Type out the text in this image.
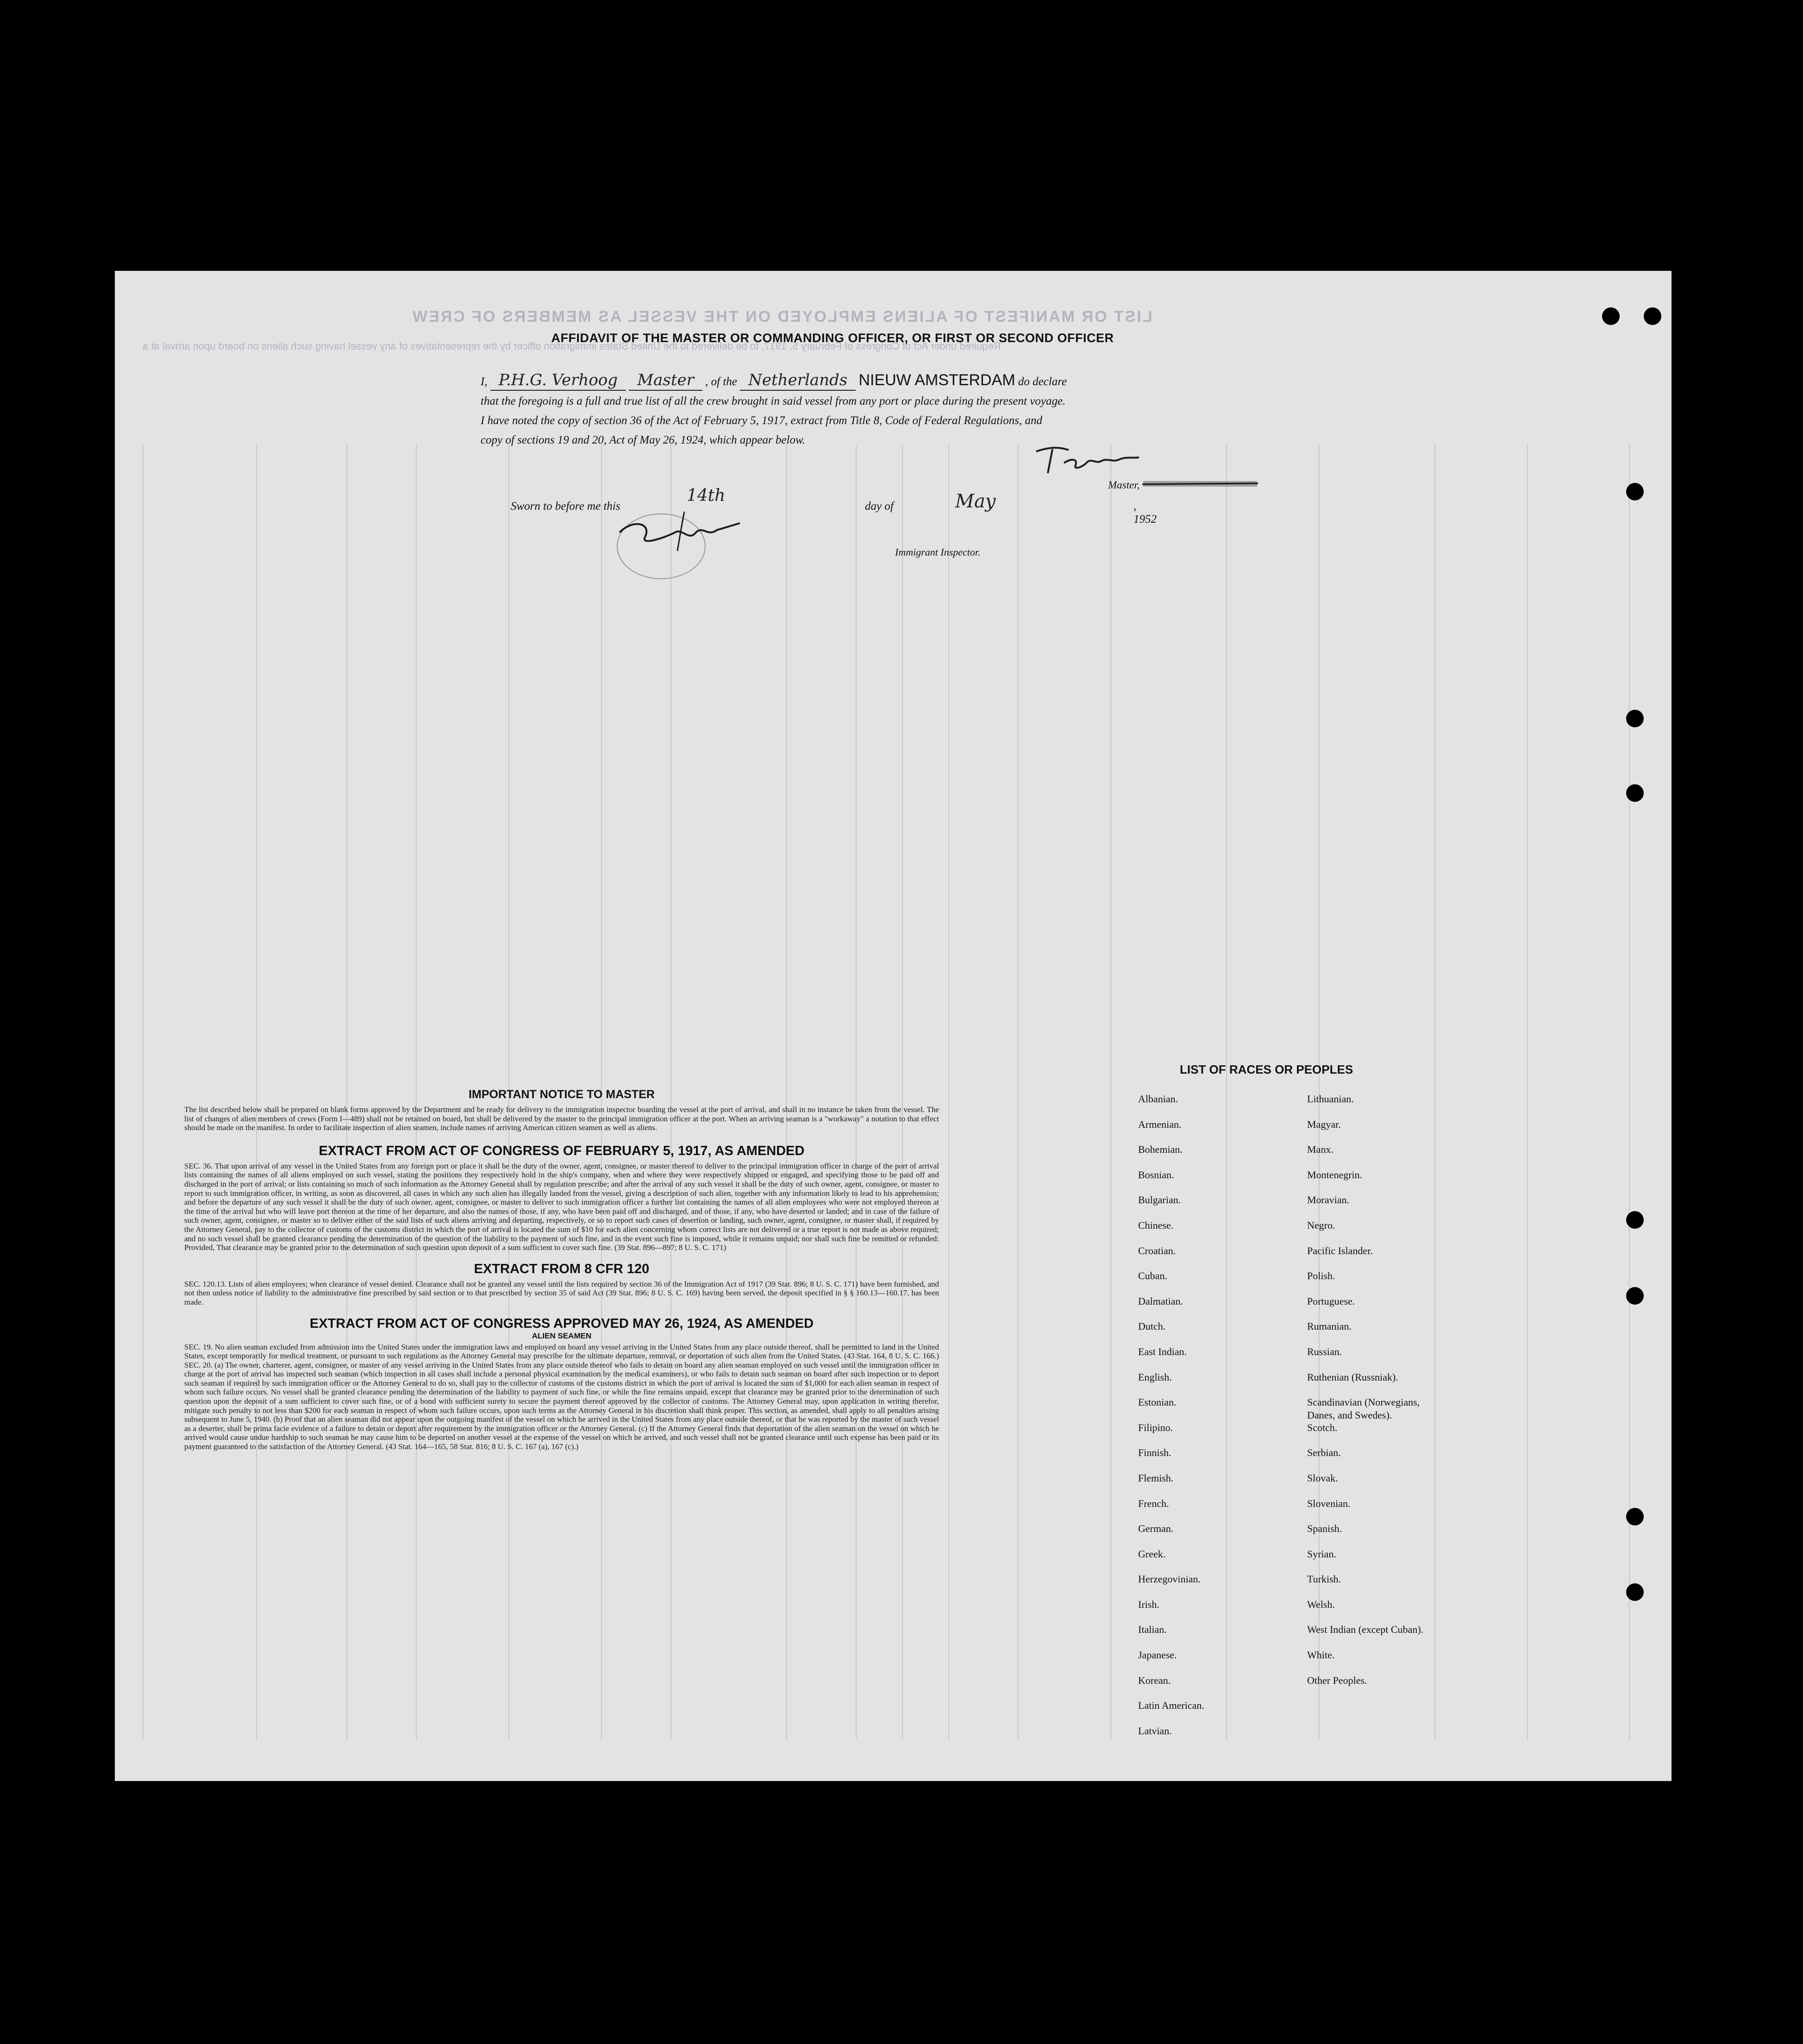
LIST OR MANIFEST OF ALIENS EMPLOYED ON THE VESSEL AS MEMBERS OF CREW
Required under Act of Congress of February 5, 1917, to be delivered to the United States immigration officer by the representatives of any vessel having such aliens on board upon arrival at a
AFFIDAVIT OF THE MASTER OR COMMANDING OFFICER, OR FIRST OR SECOND OFFICER
I, P.H.G. Verhoog Master , of the Netherlands NIEUW AMSTERDAM do declare
that the foregoing is a full and true list of all the crew brought in said vessel from any port or place during the present voyage.
I have noted the copy of section 36 of the Act of February 5, 1917, extract from Title 8, Code of Federal Regulations, and
copy of sections 19 and 20, Act of May 26, 1924, which appear below.
Master,
Sworn to before me this
14th
day of	May	, 1952
Immigrant Inspector.
IMPORTANT NOTICE TO MASTER

The list described below shall be prepared on blank forms approved by the Department and be ready for delivery to the immigration inspector boarding the vessel at the port of arrival, and shall in no instance be taken from the vessel. The list of changes of alien members of crews (Form I—489) shall not be retained on board, but shall be delivered by the master to the principal immigration officer at the port. When an arriving seaman is a "workaway" a notation to that effect should be made on the manifest. In order to facilitate inspection of alien seamen, include names of arriving American citizen seamen as well as aliens.

EXTRACT FROM ACT OF CONGRESS OF FEBRUARY 5, 1917, AS AMENDED

SEC. 36. That upon arrival of any vessel in the United States from any foreign port or place it shall be the duty of the owner, agent, consignee, or master thereof to deliver to the principal immigration officer in charge of the port of arrival lists containing the names of all aliens employed on such vessel, stating the positions they respectively hold in the ship's company, when and where they were respectively shipped or engaged, and specifying those to be paid off and discharged in the port of arrival; or lists containing so much of such information as the Attorney General shall by regulation prescribe; and after the arrival of any such vessel it shall be the duty of such owner, agent, consignee, or master to report to such immigration officer, in writing, as soon as discovered, all cases in which any such alien has illegally landed from the vessel, giving a description of such alien, together with any information likely to lead to his apprehension; and before the departure of any such vessel it shall be the duty of such owner, agent, consignee, or master to deliver to such immigration officer a further list containing the names of all alien employees who were not employed thereon at the time of the arrival but who will leave port thereon at the time of her departure, and also the names of those, if any, who have been paid off and discharged, and of those, if any, who have deserted or landed; and in case of the failure of such owner, agent, consignee, or master so to deliver either of the said lists of such aliens arriving and departing, respectively, or so to report such cases of desertion or landing, such owner, agent, consignee, or master shall, if required by the Attorney General, pay to the collector of customs of the customs district in which the port of arrival is located the sum of $10 for each alien concerning whom correct lists are not delivered or a true report is not made as above required; and no such vessel shall be granted clearance pending the determination of the question of the liability to the payment of such fine, and in the event such fine is imposed, while it remains unpaid; nor shall such fine be remitted or refunded: Provided, That clearance may be granted prior to the determination of such question upon deposit of a sum sufficient to cover such fine. (39 Stat. 896—897; 8 U. S. C. 171)

EXTRACT FROM 8 CFR 120

SEC. 120.13. Lists of alien employees; when clearance of vessel denied. Clearance shall not be granted any vessel until the lists required by section 36 of the Immigration Act of 1917 (39 Stat. 896; 8 U. S. C. 171) have been furnished, and not then unless notice of liability to the administrative fine prescribed by said section or to that prescribed by section 35 of said Act (39 Stat. 896; 8 U. S. C. 169) having been served, the deposit specified in § § 160.13—160.17, has been made.

EXTRACT FROM ACT OF CONGRESS APPROVED MAY 26, 1924, AS AMENDED
ALIEN SEAMEN

SEC. 19. No alien seaman excluded from admission into the United States under the immigration laws and employed on board any vessel arriving in the United States from any place outside thereof, shall be permitted to land in the United States, except temporarily for medical treatment, or pursuant to such regulations as the Attorney General may prescribe for the ultimate departure, removal, or deportation of such alien from the United States. (43 Stat. 164, 8 U. S. C. 166.) SEC. 20. (a) The owner, charterer, agent, consignee, or master of any vessel arriving in the United States from any place outside thereof who fails to detain on board any alien seaman employed on such vessel until the immigration officer in charge at the port of arrival has inspected such seaman (which inspection in all cases shall include a personal physical examination by the medical examiners), or who fails to detain such seaman on board after such inspection or to deport such seaman if required by such immigration officer or the Attorney General to do so, shall pay to the collector of customs of the customs district in which the port of arrival is located the sum of $1,000 for each alien seaman in respect of whom such failure occurs. No vessel shall be granted clearance pending the determination of the liability to payment of such fine, or while the fine remains unpaid, except that clearance may be granted prior to the determination of such question upon the deposit of a sum sufficient to cover such fine, or of a bond with sufficient surety to secure the payment thereof approved by the collector of customs. The Attorney General may, upon application in writing therefor, mitigate such penalty to not less than $200 for each seaman in respect of whom such failure occurs, upon such terms as the Attorney General in his discretion shall think proper. This section, as amended, shall apply to all penalties arising subsequent to June 5, 1940. (b) Proof that an alien seaman did not appear upon the outgoing manifest of the vessel on which he arrived in the United States from any place outside thereof, or that he was reported by the master of such vessel as a deserter, shall be prima facie evidence of a failure to detain or deport after requirement by the immigration officer or the Attorney General. (c) If the Attorney General finds that deportation of the alien seaman on the vessel on which he arrived would cause undue hardship to such seaman he may cause him to be deported on another vessel at the expense of the vessel on which he arrived, and such vessel shall not be granted clearance until such expense has been paid or its payment guaranteed to the satisfaction of the Attorney General. (43 Stat. 164—165, 58 Stat. 816; 8 U. S. C. 167 (a), 167 (c).)

LIST OF RACES OR PEOPLES
Albanian.
Armenian.
Bohemian.
Bosnian.
Bulgarian.
Chinese.
Croatian.
Cuban.
Dalmatian.
Dutch.
East Indian.
English.
Estonian.
Filipino.
Finnish.
Flemish.
French.
German.
Greek.
Herzegovinian.
Irish.
Italian.
Japanese.
Korean.
Latin American.
Latvian.
Lithuanian.
Magyar.
Manx.
Montenegrin.
Moravian.
Negro.
Pacific Islander.
Polish.
Portuguese.
Rumanian.
Russian.
Ruthenian (Russniak).
Scandinavian (Norwegians,
Danes, and Swedes).
Scotch.
Serbian.
Slovak.
Slovenian.
Spanish.
Syrian.
Turkish.
Welsh.
West Indian (except Cuban).
White.
Other Peoples.
